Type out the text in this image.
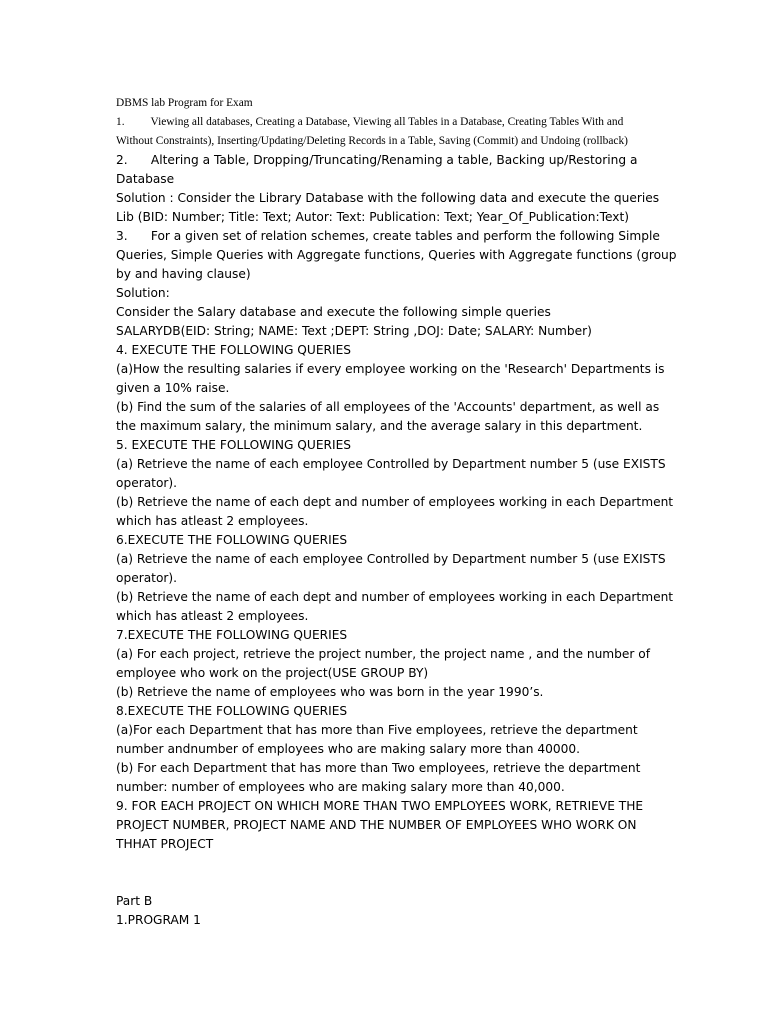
DBMS lab Program for Exam
1. Viewing all databases, Creating a Database, Viewing all Tables in a Database, Creating Tables With and
Without Constraints), Inserting/Updating/Deleting Records in a Table, Saving (Commit) and Undoing (rollback)
2.      Altering a Table, Dropping/Truncating/Renaming a table, Backing up/Restoring a
Database
Solution : Consider the Library Database with the following data and execute the queries
Lib (BID: Number; Title: Text; Autor: Text: Publication: Text; Year_Of_Publication:Text)
3.      For a given set of relation schemes, create tables and perform the following Simple
Queries, Simple Queries with Aggregate functions, Queries with Aggregate functions (group
by and having clause)
Solution:
Consider the Salary database and execute the following simple queries
SALARYDB(EID: String; NAME: Text ;DEPT: String ,DOJ: Date; SALARY: Number)
4. EXECUTE THE FOLLOWING QUERIES
(a)How the resulting salaries if every employee working on the 'Research' Departments is
given a 10% raise.
(b) Find the sum of the salaries of all employees of the 'Accounts' department, as well as
the maximum salary, the minimum salary, and the average salary in this department.
5. EXECUTE THE FOLLOWING QUERIES
(a) Retrieve the name of each employee Controlled by Department number 5 (use EXISTS
operator).
(b) Retrieve the name of each dept and number of employees working in each Department
which has atleast 2 employees.
6.EXECUTE THE FOLLOWING QUERIES
(a) Retrieve the name of each employee Controlled by Department number 5 (use EXISTS
operator).
(b) Retrieve the name of each dept and number of employees working in each Department
which has atleast 2 employees.
7.EXECUTE THE FOLLOWING QUERIES
(a) For each project, retrieve the project number, the project name , and the number of
employee who work on the project(USE GROUP BY)
(b) Retrieve the name of employees who was born in the year 1990’s.
8.EXECUTE THE FOLLOWING QUERIES
(a)For each Department that has more than Five employees, retrieve the department
number andnumber of employees who are making salary more than 40000.
(b) For each Department that has more than Two employees, retrieve the department
number: number of employees who are making salary more than 40,000.
9. FOR EACH PROJECT ON WHICH MORE THAN TWO EMPLOYEES WORK, RETRIEVE THE
PROJECT NUMBER, PROJECT NAME AND THE NUMBER OF EMPLOYEES WHO WORK ON
THHAT PROJECT
Part B
1.PROGRAM 1
